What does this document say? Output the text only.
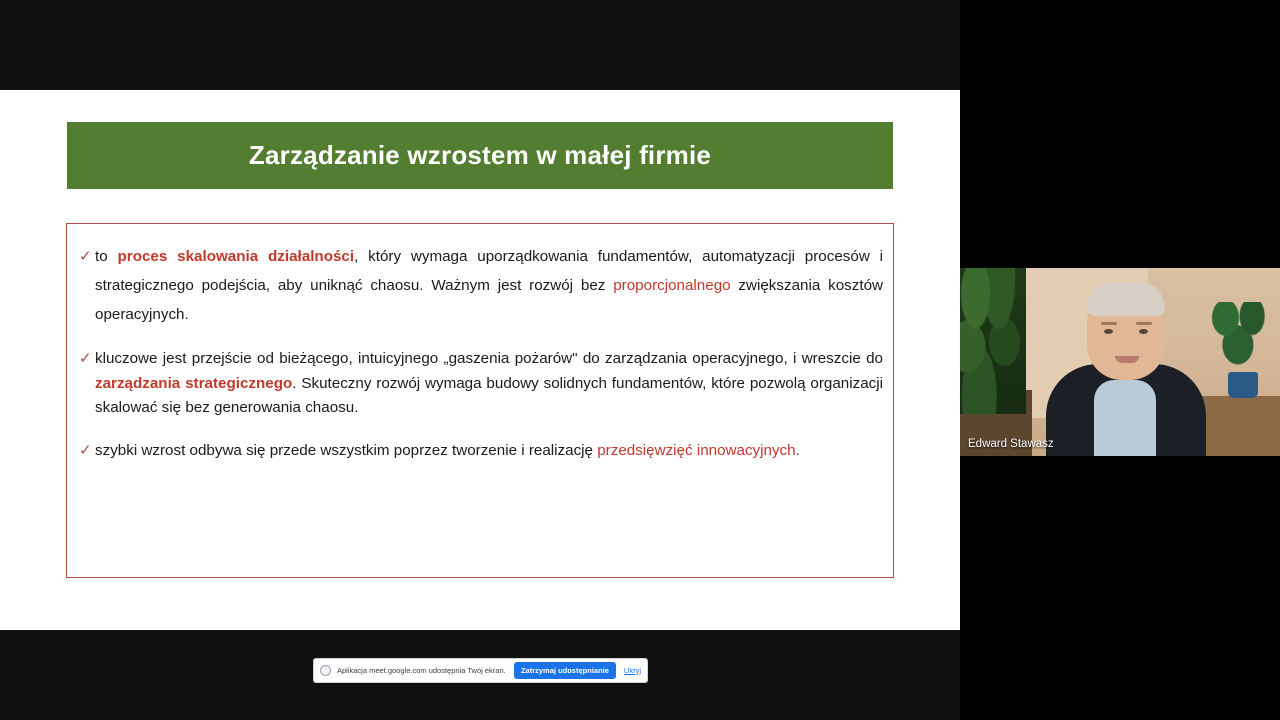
Zarządzanie wzrostem w małej firmie
✓ to proces skalowania działalności, który wymaga uporządkowania fundamentów, automatyzacji procesów i strategicznego podejścia, aby uniknąć chaosu. Ważnym jest rozwój bez proporcjonalnego zwiększania kosztów operacyjnych.
✓ kluczowe jest przejście od bieżącego, intuicyjnego „gaszenia pożarów" do zarządzania operacyjnego, i wreszcie do zarządzania strategicznego. Skuteczny rozwój wymaga budowy solidnych fundamentów, które pozwolą organizacji skalować się bez generowania chaosu.
✓ szybki wzrost odbywa się przede wszystkim poprzez tworzenie i realizację przedsięwzięć innowacyjnych.
Aplikacja meet.google.com udostępnia Twój ekran.	Zatrzymaj udostępnianie	Ukryj
Edward Stawasz
